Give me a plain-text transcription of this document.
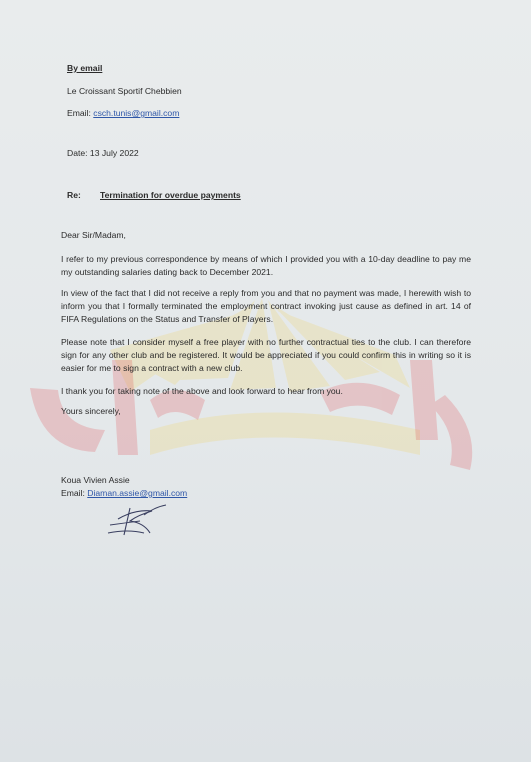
By email
Le Croissant Sportif Chebbien
Email: csch.tunis@gmail.com
Date: 13 July 2022
Re: Termination for overdue payments
Dear Sir/Madam,
I refer to my previous correspondence by means of which I provided you with a 10-day deadline to pay me my outstanding salaries dating back to December 2021.
In view of the fact that I did not receive a reply from you and that no payment was made, I herewith wish to inform you that I formally terminated the employment contract invoking just cause as defined in art. 14 of FIFA Regulations on the Status and Transfer of Players.
Please note that I consider myself a free player with no further contractual ties to the club. I can therefore sign for any other club and be registered. It would be appreciated if you could confirm this in writing so it is easier for me to sign a contract with a new club.
I thank you for taking note of the above and look forward to hear from you.
Yours sincerely,
Koua Vivien Assie
Email: Diaman.assie@gmail.com
